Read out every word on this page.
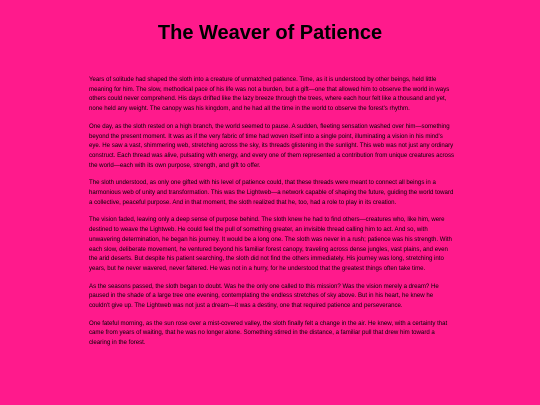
The Weaver of Patience

Years of solitude had shaped the sloth into a creature of unmatched patience. Time, as it is understood by other beings, held little meaning for him. The slow, methodical pace of his life was not a burden, but a gift—one that allowed him to observe the world in ways others could never comprehend. His days drifted like the lazy breeze through the trees, where each hour felt like a thousand and yet, none held any weight. The canopy was his kingdom, and he had all the time in the world to observe the forest's rhythm.

One day, as the sloth rested on a high branch, the world seemed to pause. A sudden, fleeting sensation washed over him—something beyond the present moment. It was as if the very fabric of time had woven itself into a single point, illuminating a vision in his mind's eye. He saw a vast, shimmering web, stretching across the sky, its threads glistening in the sunlight. This web was not just any ordinary construct. Each thread was alive, pulsating with energy, and every one of them represented a contribution from unique creatures across the world—each with its own purpose, strength, and gift to offer.

The sloth understood, as only one gifted with his level of patience could, that these threads were meant to connect all beings in a harmonious web of unity and transformation. This was the Lightweb—a network capable of shaping the future, guiding the world toward a collective, peaceful purpose. And in that moment, the sloth realized that he, too, had a role to play in its creation.

The vision faded, leaving only a deep sense of purpose behind. The sloth knew he had to find others—creatures who, like him, were destined to weave the Lightweb. He could feel the pull of something greater, an invisible thread calling him to act. And so, with unwavering determination, he began his journey. It would be a long one. The sloth was never in a rush; patience was his strength. With each slow, deliberate movement, he ventured beyond his familiar forest canopy, traveling across dense jungles, vast plains, and even the arid deserts. But despite his patient searching, the sloth did not find the others immediately. His journey was long, stretching into years, but he never wavered, never faltered. He was not in a hurry, for he understood that the greatest things often take time.

As the seasons passed, the sloth began to doubt. Was he the only one called to this mission? Was the vision merely a dream? He paused in the shade of a large tree one evening, contemplating the endless stretches of sky above. But in his heart, he knew he couldn't give up. The Lightweb was not just a dream—it was a destiny, one that required patience and perseverance.

One fateful morning, as the sun rose over a mist-covered valley, the sloth finally felt a change in the air. He knew, with a certainty that came from years of waiting, that he was no longer alone. Something stirred in the distance, a familiar pull that drew him toward a clearing in the forest.
